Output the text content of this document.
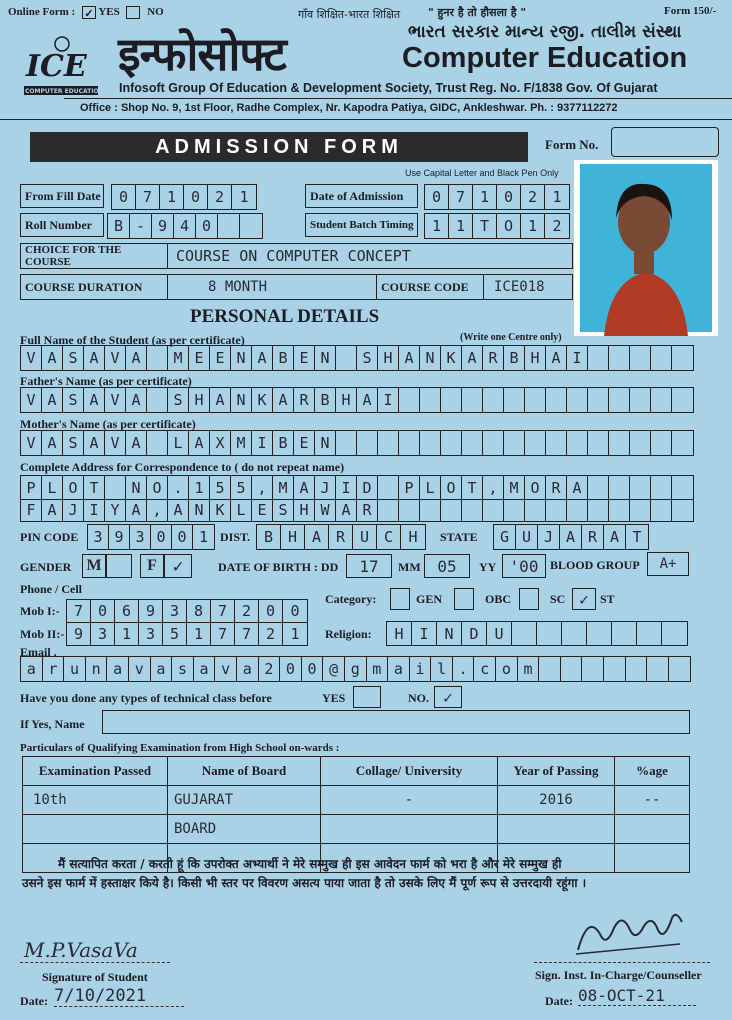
Online Form : ✓ YES	NO	गाँव शिक्षित-भारत शिक्षित	" हुनर है तो हौसला है "	Form 150/-
ICE
COMPUTER EDUCATION
इन्फोसोफ्ट	ભારત સરકાર માન્ય રજી. તાલીમ સંસ્થા
Computer Education
Infosoft Group Of Education & Development Society, Trust Reg. No. F/1838 Gov. Of Gujarat
Office : Shop No. 9, 1st Floor, Radhe Complex, Nr. Kapodra Patiya, GIDC, Ankleshwar. Ph. : 9377112272
ADMISSION FORM	Form No.
Use Capital Letter and Black Pen Only
From Fill Date	0 7 1 0 2	1	Date of Admission	0 7 1 0 2	1
Roll Number	B - 9 4 0	Student Batch Timing	1 1 T O 1	2
CHOICE FOR THE COURSE	COURSE ON COMPUTER CONCEPT
COURSE DURATION	8 MONTH	COURSE CODE	ICE018
PERSONAL DETAILS
Full Name of the Student (as per certificate)	(Write one Centre only)
V A S A V A	M E E N A B E N	S H A N K A R B H A I
Father's Name (as per certificate)
V A S A V A	S H A N K A R B H A I
Mother's Name (as per certificate)
V A S A V A	L A X M I B E N
Complete Address for Correspondence to ( do not repeat name)
P L O T	N O . 1 5 5 , M A J I D	P L O T , M O R A
F A J I Y A , A N K L E S H W A R
PIN CODE	3 9 3 0 0 1 DIST. B H A R U C	H	STATE	G U J A R A T
GENDER M	F ✓	DATE OF BIRTH : DD	17	MM	05	YY '00 BLOOD GROUP	A+
Phone / Cell
Mob I:- 7 0 6 9 3 8 7 2 0	0
Mob II:- 9 3 1 3 5 1 7 7 2	1
Category:	GEN	OBC	SC ✓ ST
Religion:	H	I	N	D	U
Email .
a r u n a v a s a v a 2 0 0 @ g m a i l . c o m
Have you done any types of technical class before	YES	NO. ✓
If Yes, Name
Particulars of Qualifying Examination from High School on-wards :
Examination Passed	Name of Board	Collage/ University	Year of Passing	%age
10th	GUJARAT	-	2016	--
	BOARD			

मैं सत्यापित करता / करती हूं कि उपरोक्त अभ्यार्थी ने मेरे सम्मुख ही इस आवेदन फार्म को भरा है और मेरे सम्मुख ही
उसने इस फार्म में हस्ताक्षर किये है। किसी भी स्तर पर विवरण असत्य पाया जाता है तो उसके लिए मैं पूर्ण रूप से उत्तरदायी रहूंगा ।
M.P.VasaVa
Signature of Student
Date: 7/10/2021
Sign. Inst. In-Charge/Counseller
Date: 08-OCT-21
